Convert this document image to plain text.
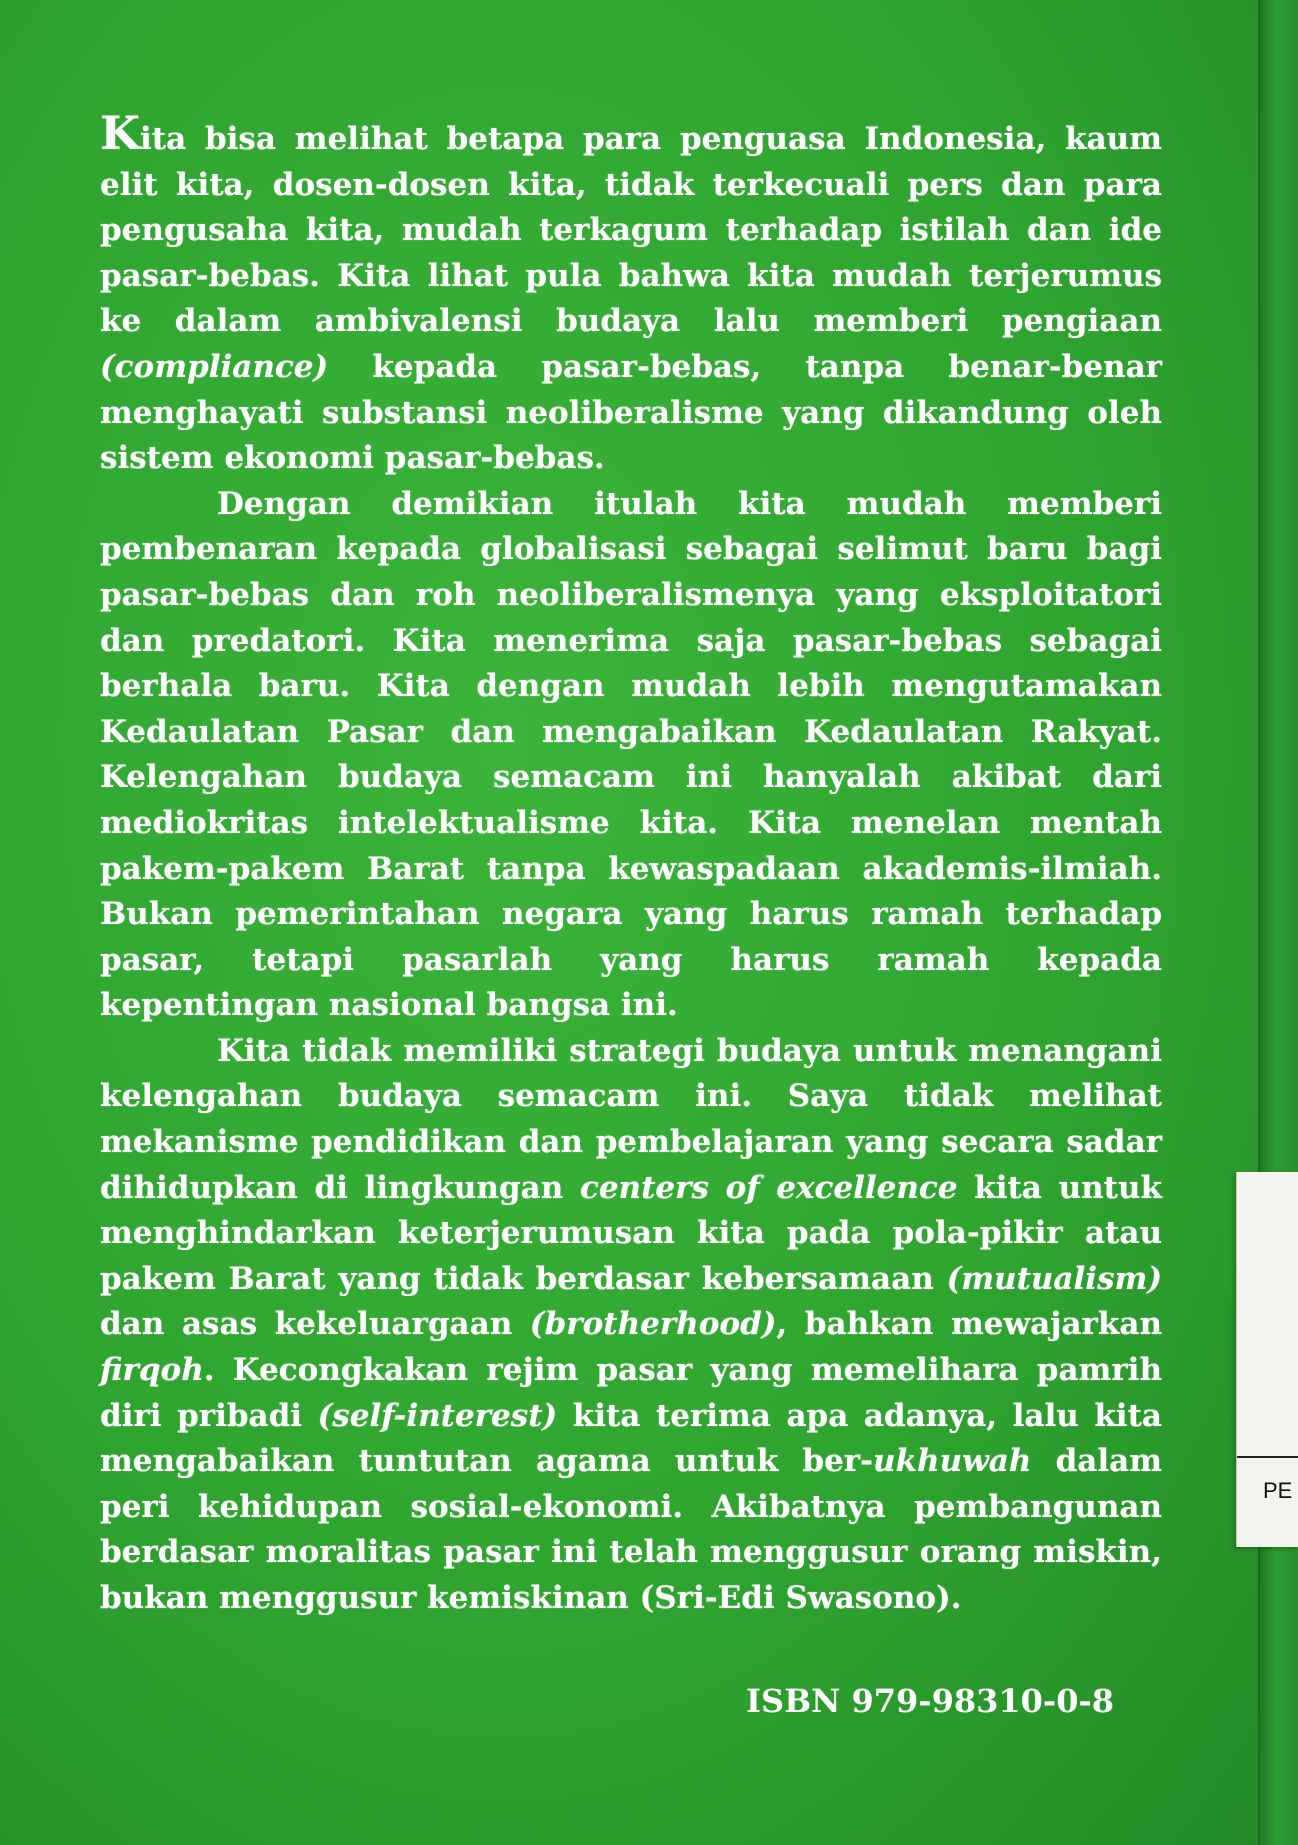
Kita bisa melihat betapa para penguasa Indonesia, kaum elit kita, dosen-dosen kita, tidak terkecuali pers dan para pengusaha kita, mudah terkagum terhadap istilah dan ide pasar-bebas. Kita lihat pula bahwa kita mudah terjerumus ke dalam ambivalensi budaya lalu memberi pengiaan (compliance) kepada pasar-bebas, tanpa benar-benar menghayati substansi neoliberalisme yang dikandung oleh sistem ekonomi pasar-bebas.

Dengan demikian itulah kita mudah memberi pembenaran kepada globalisasi sebagai selimut baru bagi pasar-bebas dan roh neoliberalismenya yang eksploitatori dan predatori. Kita menerima saja pasar-bebas sebagai berhala baru. Kita dengan mudah lebih mengutamakan Kedaulatan Pasar dan mengabaikan Kedaulatan Rakyat. Kelengahan budaya semacam ini hanyalah akibat dari mediokritas intelektualisme kita. Kita menelan mentah pakem-pakem Barat tanpa kewaspadaan akademis-ilmiah. Bukan pemerintahan negara yang harus ramah terhadap pasar, tetapi pasarlah yang harus ramah kepada kepentingan nasional bangsa ini.

Kita tidak memiliki strategi budaya untuk menangani kelengahan budaya semacam ini. Saya tidak melihat mekanisme pendidikan dan pembelajaran yang secara sadar dihidupkan di lingkungan centers of excellence kita untuk menghindarkan keterjerumusan kita pada pola-pikir atau pakem Barat yang tidak berdasar kebersamaan (mutualism) dan asas kekeluargaan (brotherhood), bahkan mewajarkan firqoh. Kecongkakan rejim pasar yang memelihara pamrih diri pribadi (self-interest) kita terima apa adanya, lalu kita mengabaikan tuntutan agama untuk ber-ukhuwah dalam peri kehidupan sosial-ekonomi. Akibatnya pembangunan berdasar moralitas pasar ini telah menggusur orang miskin, bukan menggusur kemiskinan (Sri-Edi Swasono).

ISBN 979-98310-0-8
PE
